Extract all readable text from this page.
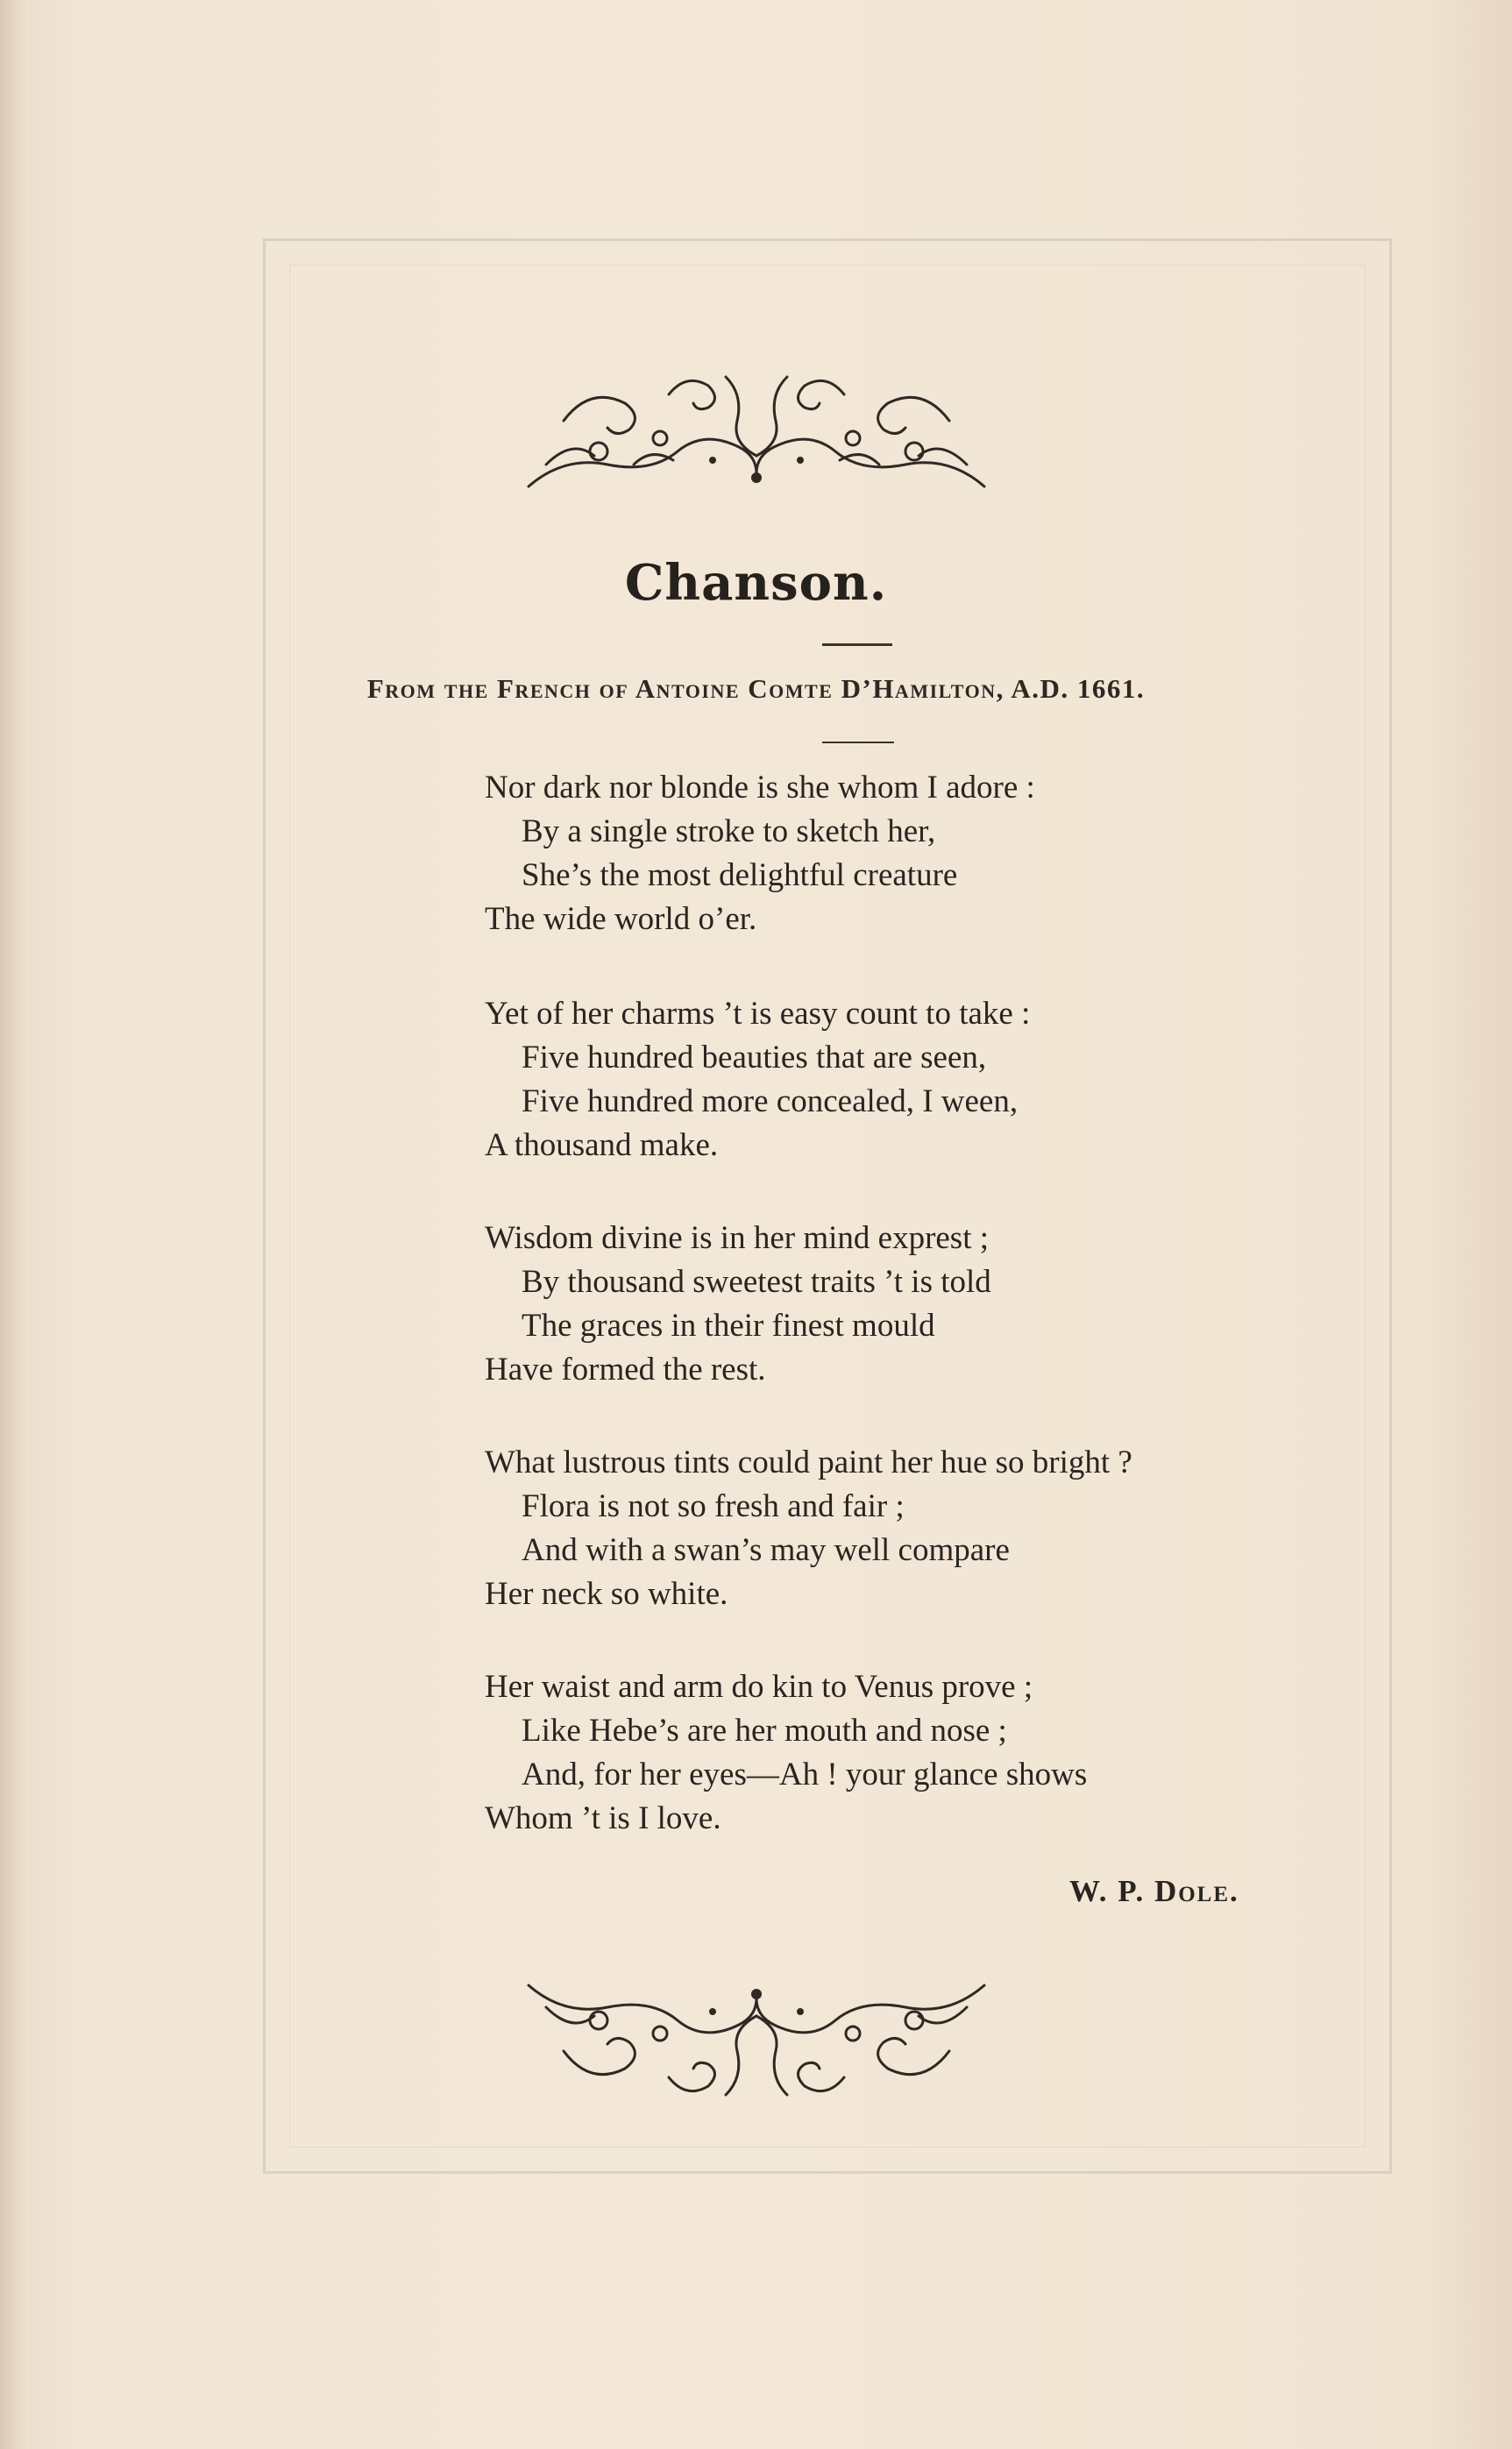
Chanson.
From the French of Antoine Comte D’Hamilton, A.D. 1661.
Nor dark nor blonde is she whom I adore :
By a single stroke to sketch her,
She’s the most delightful creature
The wide world o’er.
Yet of her charms ’t is easy count to take :
Five hundred beauties that are seen,
Five hundred more concealed, I ween,
A thousand make.
Wisdom divine is in her mind exprest ;
By thousand sweetest traits ’t is told
The graces in their finest mould
Have formed the rest.
What lustrous tints could paint her hue so bright ?
Flora is not so fresh and fair ;
And with a swan’s may well compare
Her neck so white.
Her waist and arm do kin to Venus prove ;
Like Hebe’s are her mouth and nose ;
And, for her eyes—Ah ! your glance shows
Whom ’t is I love.
W. P. Dole.
